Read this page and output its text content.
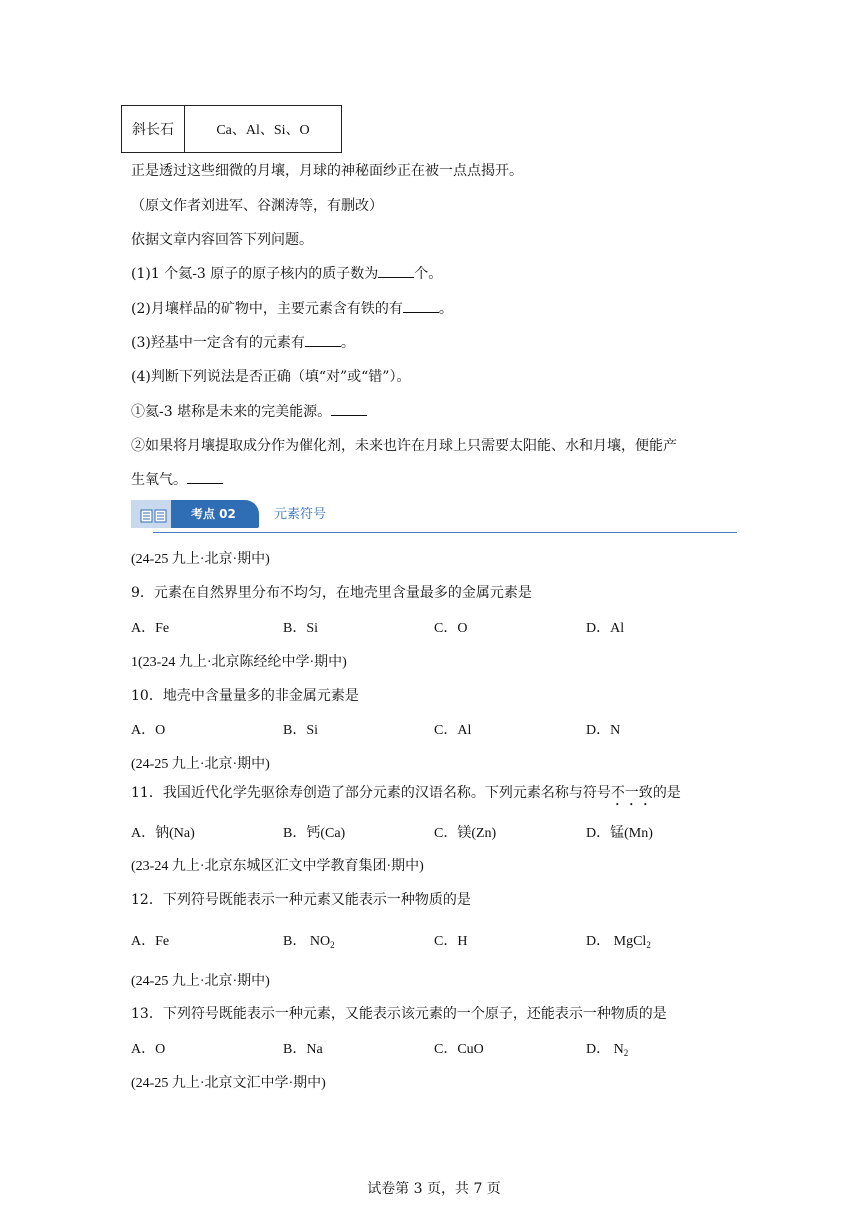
斜长石	Ca、Al、Si、O
正是透过这些细微的月壤，月球的神秘面纱正在被一点点揭开。
（原文作者刘进军、谷渊涛等，有删改）
依据文章内容回答下列问题。
(1)1 个氦-3 原子的原子核内的质子数为	个。
(2)月壤样品的矿物中，主要元素含有铁的有	。
(3)羟基中一定含有的元素有	。
(4)判断下列说法是否正确（填“对”或“错”）。
①氦-3 堪称是未来的完美能源。
②如果将月壤提取成分作为催化剂，未来也许在月球上只需要太阳能、水和月壤，便能产
生氧气。
考点 02	元素符号
(24-25 九上·北京·期中)
9．元素在自然界里分布不均匀，在地壳里含量最多的金属元素是
A．Fe	B．Si	C．O	D．Al
1(23-24 九上·北京陈经纶中学·期中)
10．地壳中含量量多的非金属元素是
A．O	B．Si	C．Al	D．N
(24-25 九上·北京·期中)
11．我国近代化学先驱徐寿创造了部分元素的汉语名称。下列元素名称与符号不一致的是
A．钠(Na)	B．钙(Ca)	C．镁(Zn)	D．锰(Mn)
(23-24 九上·北京东城区汇文中学教育集团·期中)
12．下列符号既能表示一种元素又能表示一种物质的是
A．Fe	B． $NO_2$	C．H	D． MgCl$_2$
(24-25 九上·北京·期中)
13．下列符号既能表示一种元素，又能表示该元素的一个原子，还能表示一种物质的是
A．O	B．Na	C．CuO	D． $N_2$
(24-25 九上·北京文汇中学·期中)
试卷第 3 页，共 7 页
